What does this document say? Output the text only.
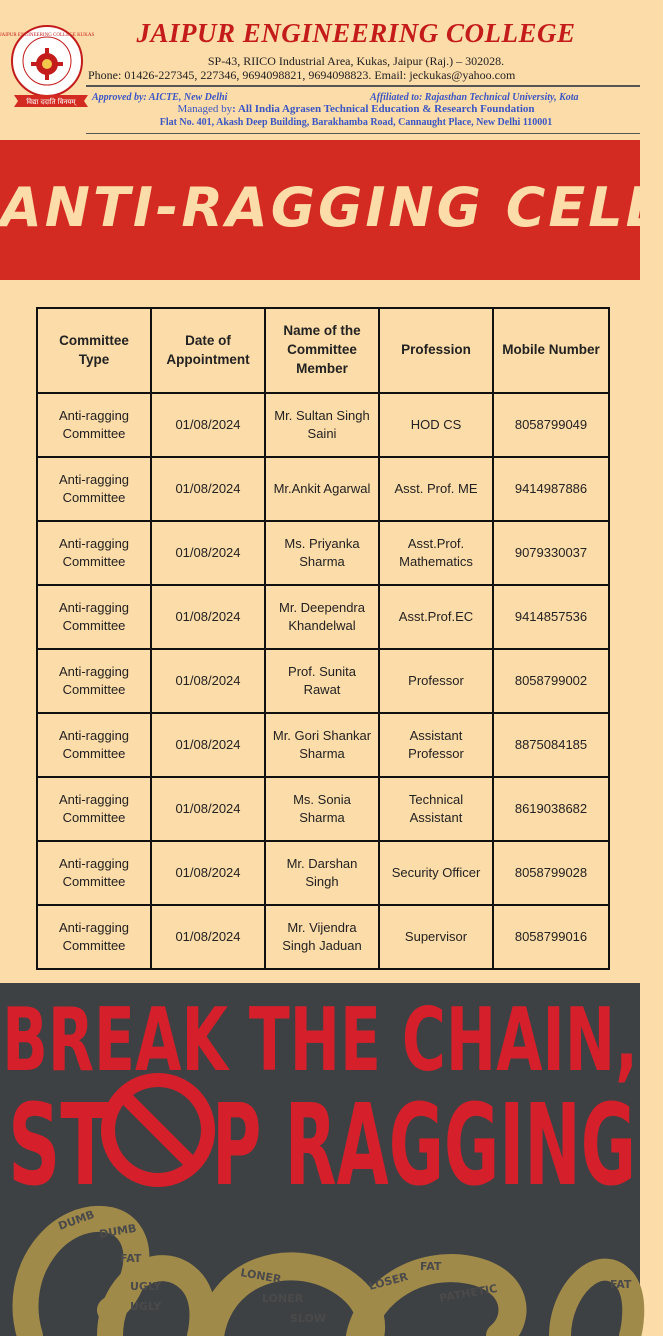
JAIPUR ENGINEERING COLLEGE KUKAS
विद्या ददाति विनयम्
JAIPUR ENGINEERING COLLEGE
SP-43, RIICO Industrial Area, Kukas, Jaipur (Raj.) – 302028.
Phone: 01426-227345, 227346, 9694098821, 9694098823. Email: jeckukas@yahoo.com
Approved by: AICTE, New Delhi	Affiliated to: Rajasthan Technical University, Kota
Managed by: All India Agrasen Technical Education & Research Foundation
Flat No. 401, Akash Deep Building, Barakhamba Road, Cannaught Place, New Delhi 110001
ANTI-RAGGING CELL
Committee Type	Date of Appointment	Name of the Committee Member	Profession	Mobile Number
Anti-ragging Committee	01/08/2024	Mr. Sultan Singh Saini	HOD CS	8058799049
Anti-ragging Committee	01/08/2024	Mr.Ankit Agarwal	Asst. Prof. ME	9414987886
Anti-ragging Committee	01/08/2024	Ms. Priyanka Sharma	Asst.Prof. Mathematics	9079330037
Anti-ragging Committee	01/08/2024	Mr. Deependra Khandelwal	Asst.Prof.EC	9414857536
Anti-ragging Committee	01/08/2024	Prof. Sunita Rawat	Professor	8058799002
Anti-ragging Committee	01/08/2024	Mr. Gori Shankar Sharma	Assistant Professor	8875084185
Anti-ragging Committee	01/08/2024	Ms. Sonia Sharma	Technical Assistant	8619038682
Anti-ragging Committee	01/08/2024	Mr. Darshan Singh	Security Officer	8058799028
Anti-ragging Committee	01/08/2024	Mr. Vijendra Singh Jaduan	Supervisor	8058799016
BREAK THE CHAIN,
ST P RAGGING
DUMB DUMB
FAT
UGLY
LONER	LOSER
LONER
SLOW
PATHETIC	FAT
FAT
UGLY
